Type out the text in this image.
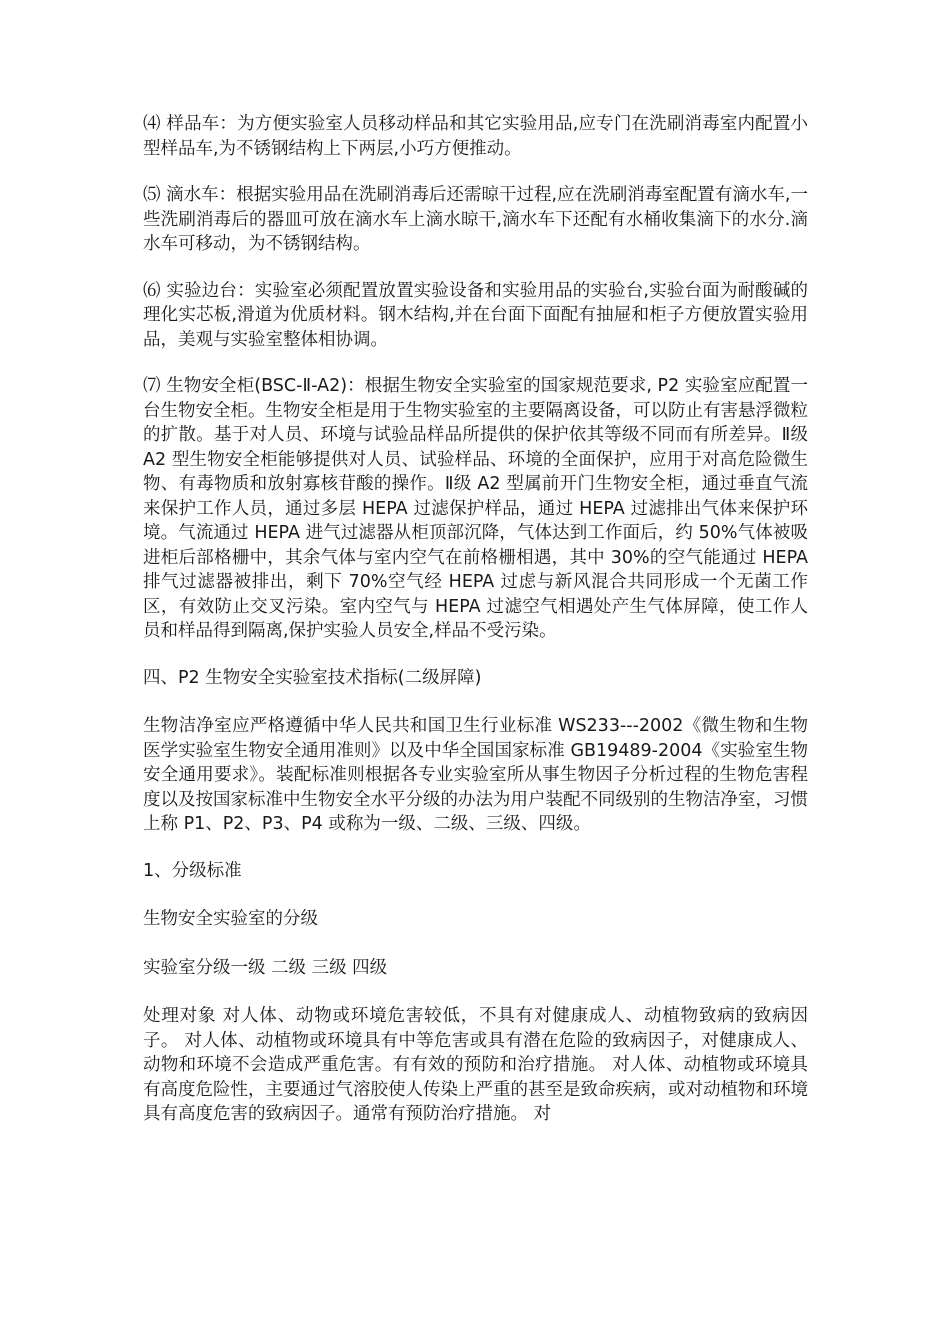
⑷ 样品车：为方便实验室人员移动样品和其它实验用品,应专门在洗刷消毒室内配置小型样品车,为不锈钢结构上下两层,小巧方便推动。

⑸ 滴水车：根据实验用品在洗刷消毒后还需晾干过程,应在洗刷消毒室配置有滴水车,一些洗刷消毒后的器皿可放在滴水车上滴水晾干,滴水车下还配有水桶收集滴下的水分.滴水车可移动，为不锈钢结构。

⑹ 实验边台：实验室必须配置放置实验设备和实验用品的实验台,实验台面为耐酸碱的理化实芯板,滑道为优质材料。钢木结构,并在台面下面配有抽屉和柜子方便放置实验用品，美观与实验室整体相协调。

⑺ 生物安全柜(BSC-Ⅱ-A2)：根据生物安全实验室的国家规范要求, P2 实验室应配置一台生物安全柜。生物安全柜是用于生物实验室的主要隔离设备，可以防止有害悬浮微粒的扩散。基于对人员、环境与试验品样品所提供的保护依其等级不同而有所差异。Ⅱ级 A2 型生物安全柜能够提供对人员、试验样品、环境的全面保护，应用于对高危险微生物、有毒物质和放射寡核苷酸的操作。Ⅱ级 A2 型属前开门生物安全柜，通过垂直气流来保护工作人员，通过多层 HEPA 过滤保护样品，通过 HEPA 过滤排出气体来保护环境。气流通过 HEPA 进气过滤器从柜顶部沉降，气体达到工作面后，约 50%气体被吸进柜后部格栅中，其余气体与室内空气在前格栅相遇，其中 30%的空气能通过 HEPA 排气过滤器被排出，剩下 70%空气经 HEPA 过虑与新风混合共同形成一个无菌工作区，有效防止交叉污染。室内空气与 HEPA 过滤空气相遇处产生气体屏障，使工作人员和样品得到隔离,保护实验人员安全,样品不受污染。

四、P2 生物安全实验室技术指标(二级屏障)

生物洁净室应严格遵循中华人民共和国卫生行业标准 WS233---2002《微生物和生物医学实验室生物安全通用准则》以及中华全国国家标准 GB19489-2004《实验室生物安全通用要求》。装配标准则根据各专业实验室所从事生物因子分析过程的生物危害程度以及按国家标准中生物安全水平分级的办法为用户装配不同级别的生物洁净室，习惯上称 P1、P2、P3、P4 或称为一级、二级、三级、四级。

1、分级标准

生物安全实验室的分级

实验室分级一级 二级 三级 四级

处理对象 对人体、动物或环境危害较低，不具有对健康成人、动植物致病的致病因子。 对人体、动植物或环境具有中等危害或具有潜在危险的致病因子，对健康成人、动物和环境不会造成严重危害。有有效的预防和治疗措施。 对人体、动植物或环境具有高度危险性，主要通过气溶胶使人传染上严重的甚至是致命疾病，或对动植物和环境具有高度危害的致病因子。通常有预防治疗措施。 对
